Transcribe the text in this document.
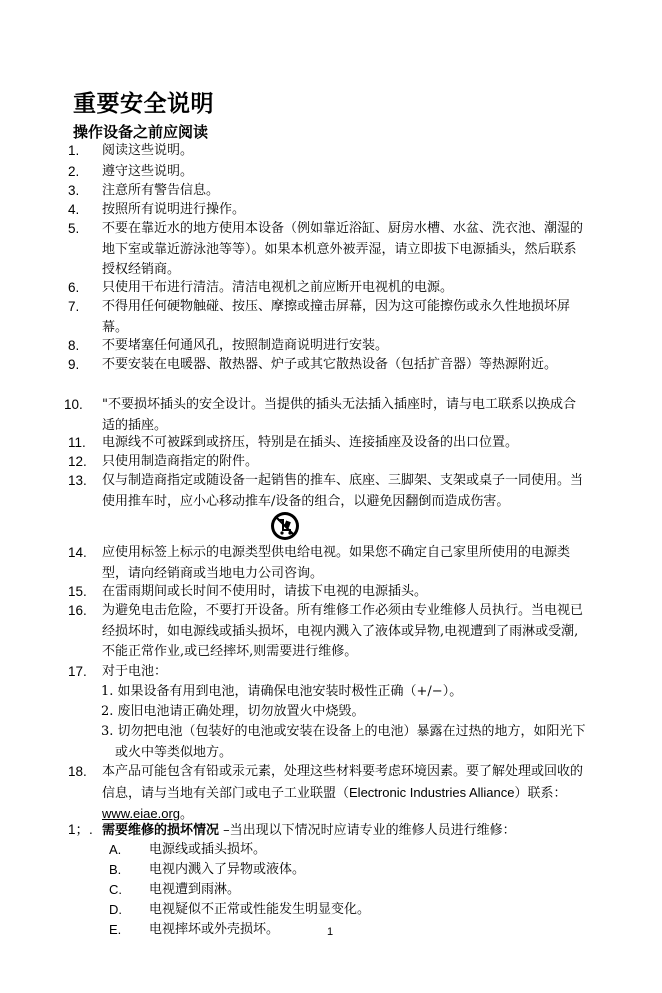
重要安全说明
操作设备之前应阅读
1. 阅读这些说明。
2. 遵守这些说明。
3. 注意所有警告信息。
4. 按照所有说明进行操作。
5. 不要在靠近水的地方使用本设备（例如靠近浴缸、厨房水槽、水盆、洗衣池、潮湿的地下室或靠近游泳池等等）。如果本机意外被弄湿，请立即拔下电源插头，然后联系授权经销商。
6. 只使用干布进行清洁。清洁电视机之前应断开电视机的电源。
7. 不得用任何硬物触碰、按压、摩擦或撞击屏幕，因为这可能擦伤或永久性地损坏屏幕。
8. 不要堵塞任何通风孔，按照制造商说明进行安装。
9. 不要安装在电暖器、散热器、炉子或其它散热设备（包括扩音器）等热源附近。
10. "不要损坏插头的安全设计。当提供的插头无法插入插座时，请与电工联系以换成合适的插座。
11. 电源线不可被踩到或挤压，特别是在插头、连接插座及设备的出口位置。
12. 只使用制造商指定的附件。
13. 仅与制造商指定或随设备一起销售的推车、底座、三脚架、支架或桌子一同使用。当使用推车时，应小心移动推车/设备的组合，以避免因翻倒而造成伤害。
14. 应使用标签上标示的电源类型供电给电视。如果您不确定自己家里所使用的电源类型，请向经销商或当地电力公司咨询。
15. 在雷雨期间或长时间不使用时，请拔下电视的电源插头。
16. 为避免电击危险，不要打开设备。所有维修工作必须由专业维修人员执行。当电视已经损坏时，如电源线或插头损坏，电视内溅入了液体或异物,电视遭到了雨淋或受潮,不能正常作业,或已经摔坏,则需要进行维修。
17. 对于电池：
1. 如果设备有用到电池，请确保电池安装时极性正确（+/−）。
2. 废旧电池请正确处理，切勿放置火中烧毁。
3. 切勿把电池（包装好的电池或安装在设备上的电池）暴露在过热的地方，如阳光下或火中等类似地方。
18. 本产品可能包含有铅或汞元素，处理这些材料要考虑环境因素。要了解处理或回收的信息，请与当地有关部门或电子工业联盟（Electronic Industries Alliance）联系：www.eiae.org。
1；. 需要维修的损坏情况 –当出现以下情况时应请专业的维修人员进行维修：
A. 电源线或插头损坏。
B. 电视内溅入了异物或液体。
C. 电视遭到雨淋。
D. 电视疑似不正常或性能发生明显变化。
E. 电视摔坏或外壳损坏。	1
